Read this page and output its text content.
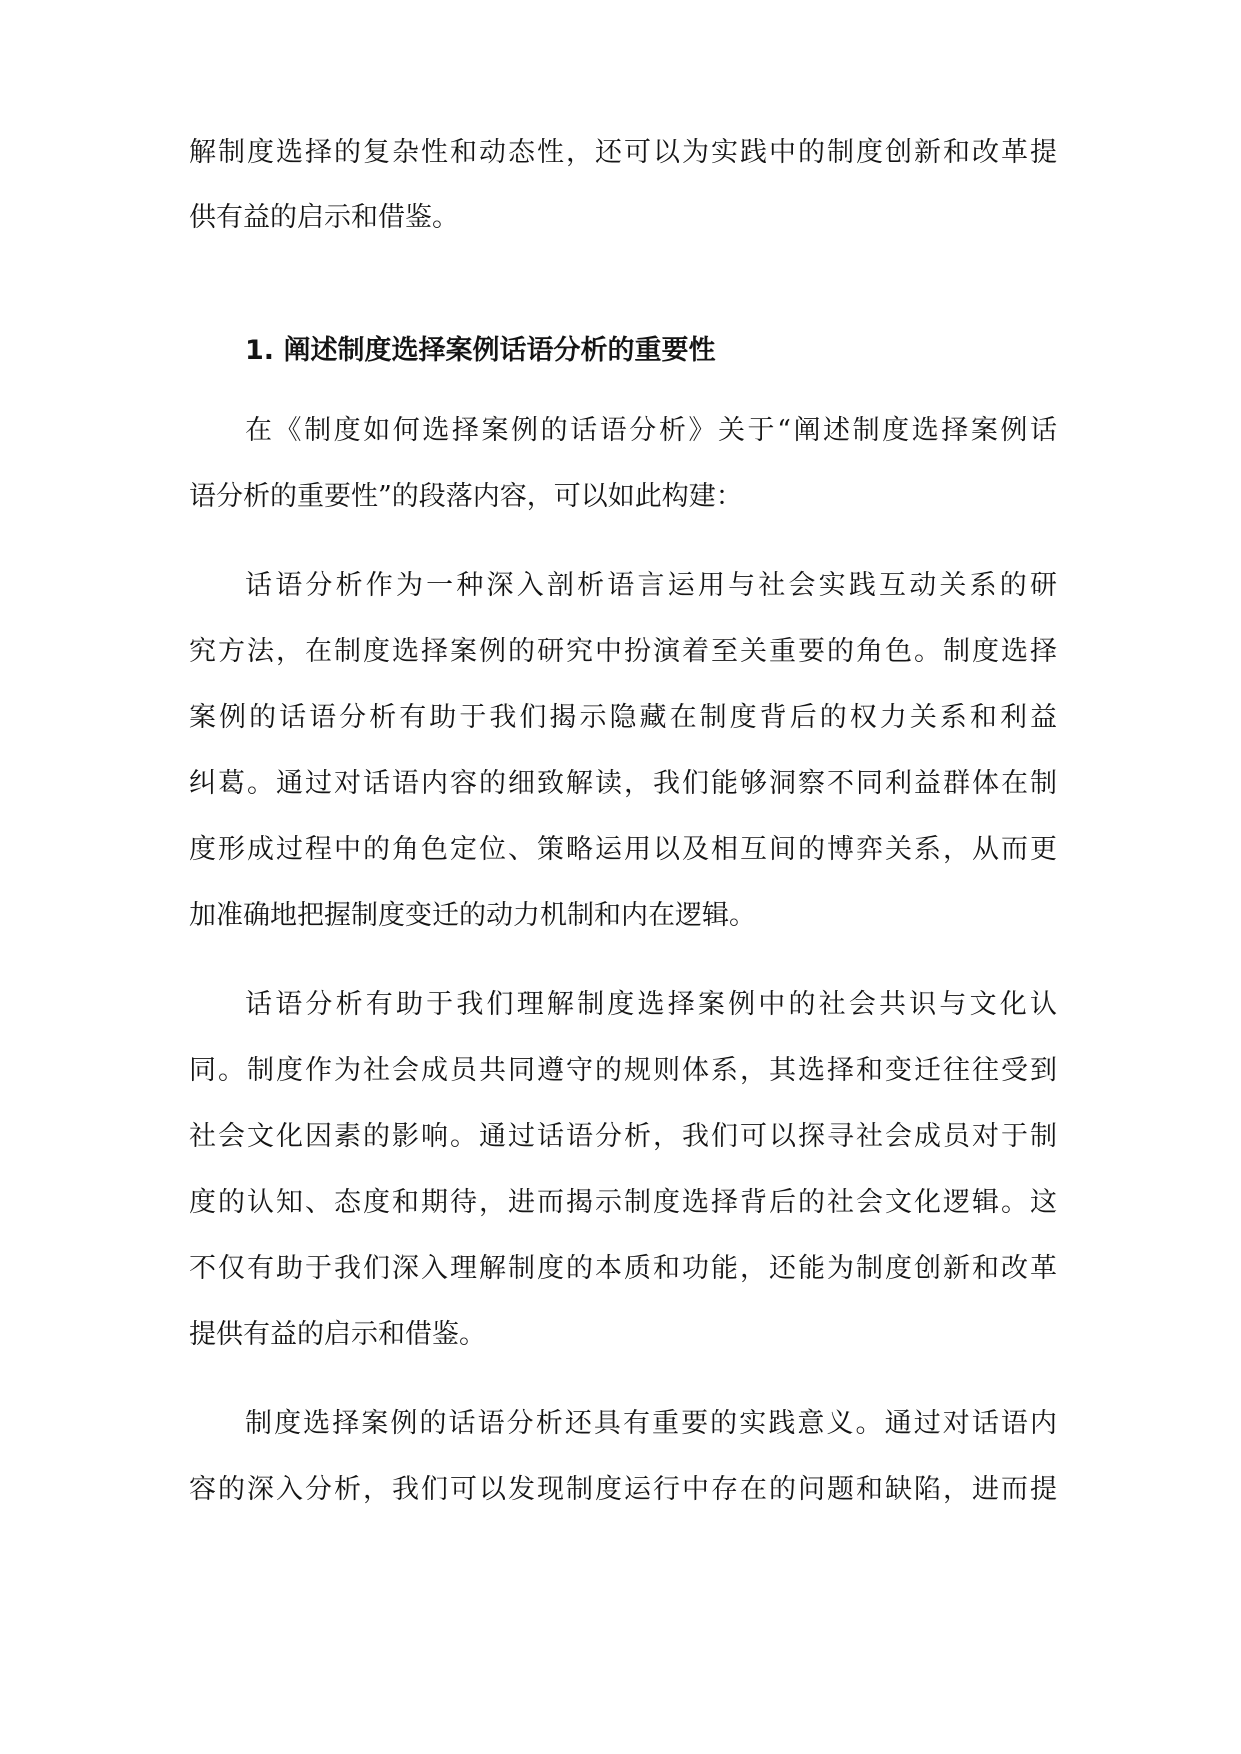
解制度选择的复杂性和动态性，还可以为实践中的制度创新和改革提
供有益的启示和借鉴。
1. 阐述制度选择案例话语分析的重要性
在《制度如何选择案例的话语分析》关于“阐述制度选择案例话
语分析的重要性”的段落内容，可以如此构建：
话语分析作为一种深入剖析语言运用与社会实践互动关系的研
究方法，在制度选择案例的研究中扮演着至关重要的角色。制度选择
案例的话语分析有助于我们揭示隐藏在制度背后的权力关系和利益
纠葛。通过对话语内容的细致解读，我们能够洞察不同利益群体在制
度形成过程中的角色定位、策略运用以及相互间的博弈关系，从而更
加准确地把握制度变迁的动力机制和内在逻辑。
话语分析有助于我们理解制度选择案例中的社会共识与文化认
同。制度作为社会成员共同遵守的规则体系，其选择和变迁往往受到
社会文化因素的影响。通过话语分析，我们可以探寻社会成员对于制
度的认知、态度和期待，进而揭示制度选择背后的社会文化逻辑。这
不仅有助于我们深入理解制度的本质和功能，还能为制度创新和改革
提供有益的启示和借鉴。
制度选择案例的话语分析还具有重要的实践意义。通过对话语内
容的深入分析，我们可以发现制度运行中存在的问题和缺陷，进而提
